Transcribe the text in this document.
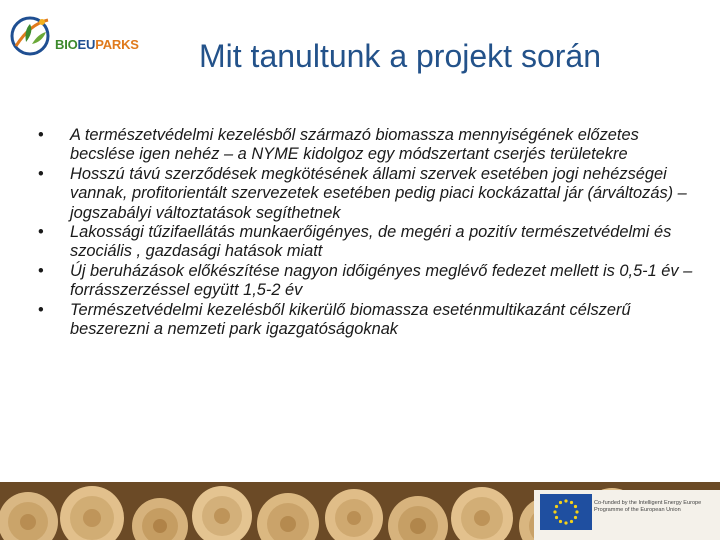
BIOEUPARKS	Mit tanultunk a projekt során
• A természetvédelmi kezelésből származó biomassza mennyiségének előzetes becslése igen nehéz – a NYME kidolgoz egy módszertant cserjés területekre
• Hosszú távú szerződések megkötésének állami szervek esetében jogi nehézségei vannak, profitorientált szervezetek esetében pedig piaci kockázattal jár (árváltozás) – jogszabályi változtatások segíthetnek
• Lakossági tűzifaellátás munkaerőigényes, de megéri a pozitív természetvédelmi és szociális , gazdasági hatások miatt
• Új beruházások előkészítése nagyon időigényes meglévő fedezet mellett is 0,5-1 év – forrásszerzéssel együtt 1,5-2 év
• Természetvédelmi kezelésből kikerülő biomassza eseténmultikazánt célszerű beszerezni a nemzeti park igazgatóságoknak
Co-funded by the Intelligent Energy Europe
Programme of the European Union
